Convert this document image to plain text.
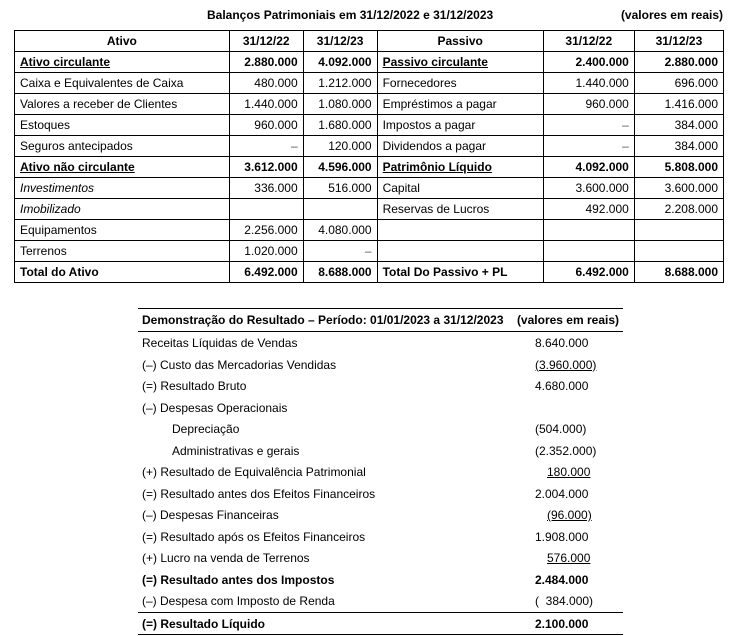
Balanços Patrimoniais em 31/12/2022 e 31/12/2023	(valores em reais)
Ativo	31/12/22	31/12/23	Passivo	31/12/22	31/12/23
Ativo circulante	2.880.000	4.092.000	Passivo circulante	2.400.000	2.880.000
Caixa e Equivalentes de Caixa	480.000	1.212.000	Fornecedores	1.440.000	696.000
Valores a receber de Clientes	1.440.000	1.080.000	Empréstimos a pagar	960.000	1.416.000
Estoques	960.000	1.680.000	Impostos a pagar	–	384.000
Seguros antecipados	–	120.000	Dividendos a pagar	–	384.000
Ativo não circulante	3.612.000	4.596.000	Patrimônio Líquido	4.092.000	5.808.000
Investimentos	336.000	516.000	Capital	3.600.000	3.600.000
Imobilizado			Reservas de Lucros	492.000	2.208.000
Equipamentos	2.256.000	4.080.000			
Terrenos	1.020.000	–			
Total do Ativo	6.492.000	8.688.000	Total Do Passivo + PL	6.492.000	8.688.000
Demonstração do Resultado – Período: 01/01/2023 a 31/12/2023 (valores em reais)
Receitas Líquidas de Vendas	8.640.000
(–) Custo das Mercadorias Vendidas	(3.960.000)
(=) Resultado Bruto	4.680.000
(–) Despesas Operacionais
Depreciação	(504.000)
Administrativas e gerais	(2.352.000)
(+) Resultado de Equivalência Patrimonial	180.000
(=) Resultado antes dos Efeitos Financeiros	2.004.000
(–) Despesas Financeiras	(96.000)
(=) Resultado após os Efeitos Financeiros	1.908.000
(+) Lucro na venda de Terrenos	576.000
(=) Resultado antes dos Impostos	2.484.000
(–) Despesa com Imposto de Renda	(  384.000)
(=) Resultado Líquido	2.100.000
